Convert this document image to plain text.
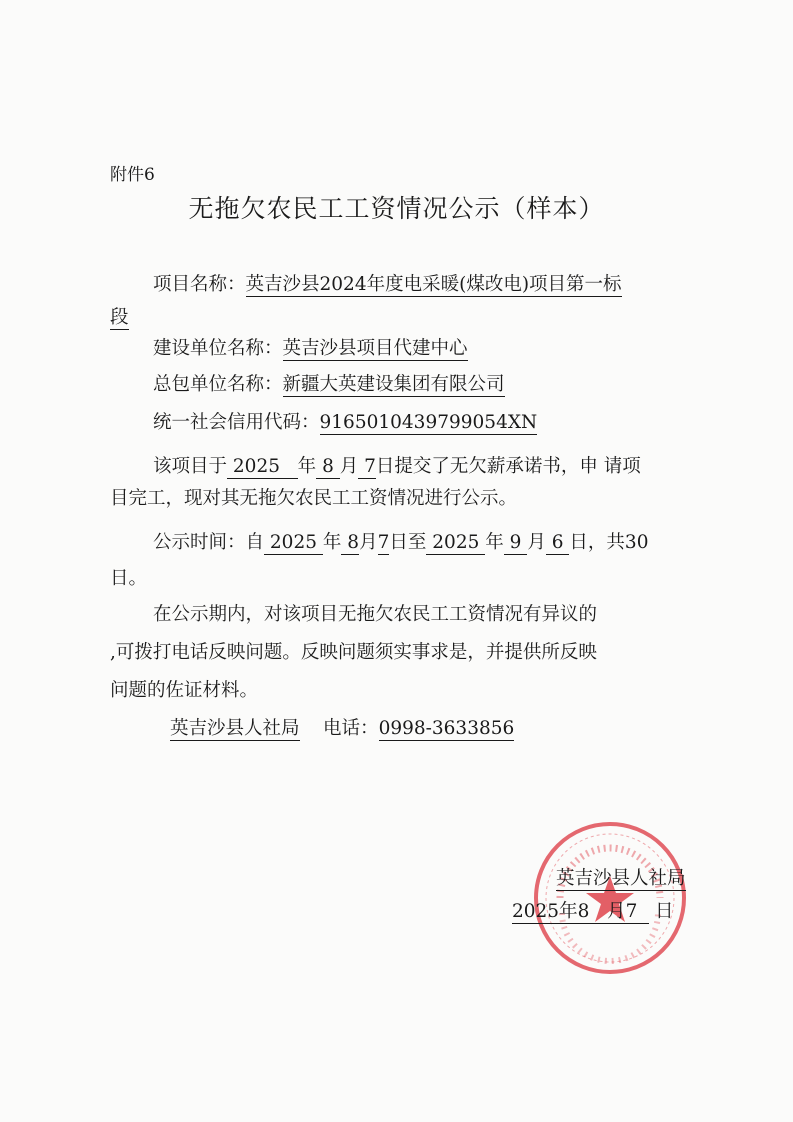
附件6
无拖欠农民工工资情况公示（样本）
项目名称：英吉沙县2024年度电采暖(煤改电)项目第一标
段
建设单位名称：英吉沙县项目代建中心
总包单位名称：新疆大英建设集团有限公司
统一社会信用代码：9165010439799054XN
该项目于 2025 年 8 月 7日提交了无欠薪承诺书，申 请项
目完工，现对其无拖欠农民工工资情况进行公示。
公示时间：自 2025 年 8月7日至 2025 年 9 月 6 日，共30
日。
在公示期内，对该项目无拖欠农民工工资情况有异议的
,可拨打电话反映问题。反映问题须实事求是，并提供所反映
问题的佐证材料。
英吉沙县人社局 电话：0998-3633856
英吉沙县人社局
2025年8 月7 日
